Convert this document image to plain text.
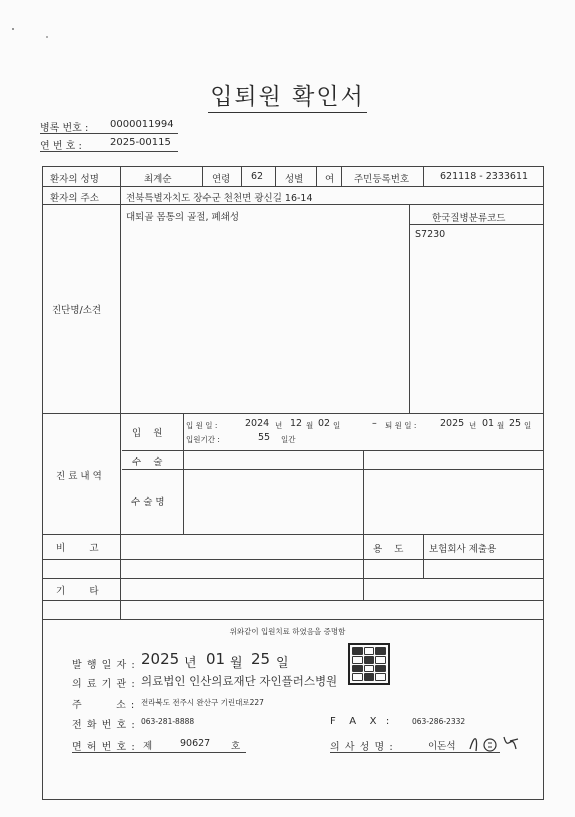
입퇴원 확인서
병록 번호 : 0000011994
연 번 호 :	2025-00115
환자의 성명	최계순	연령 62 성별 여 주민등록번호	621118 - 2333611
환자의 주소	전북특별자치도 장수군 천천면 광신길 16-14
진단명/소견
대퇴골 몸통의 골절, 폐쇄성	한국질병분류코드
S7230
진 료 내 역
입    원
입 원 일 :	2024 년 12 월 02 일	– 퇴 원 일 : 2025 년 01 월 25 일
입원기간 :	55 일간
수    술
수 술 명
비        고	용    도	보험회사 제출용
기        타
위와같이 입원치료 하였음을 증명함
발 행 일 자 : 2025 년 01 월 25 일
의 료 기 관 : 의료법인 인산의료재단 자인플러스병원
주        소 : 전라북도 전주시 완산구 기린대로227
전 화 번 호 : 063-281-8888	F   A   X  :	063-286-2332
면 허 번 호 : 제	90627 호	의 사 성 명 :	이돈석
